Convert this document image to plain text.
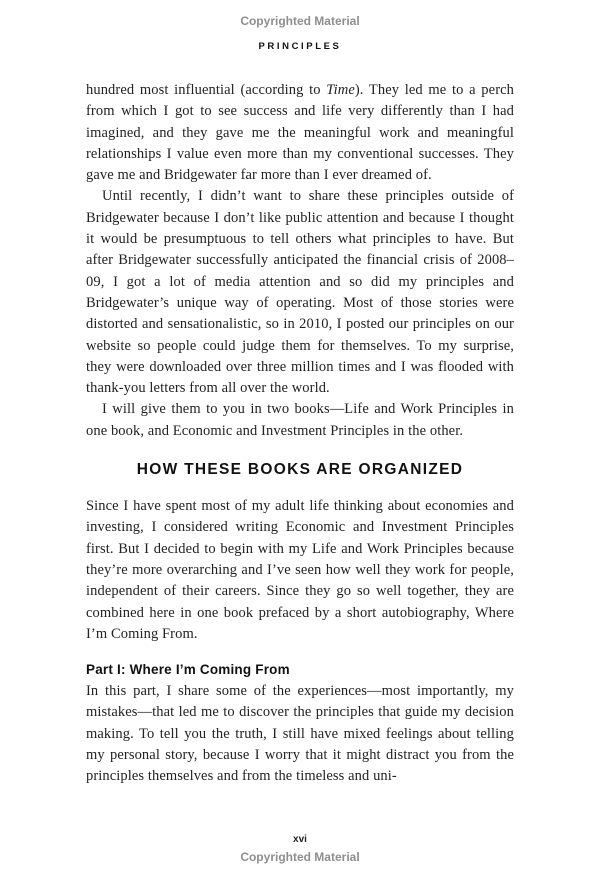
Copyrighted Material
PRINCIPLES

hundred most influential (according to Time). They led me to a perch from which I got to see success and life very differently than I had imagined, and they gave me the meaningful work and meaningful relationships I value even more than my conventional successes. They gave me and Bridgewater far more than I ever dreamed of.

Until recently, I didn’t want to share these principles outside of Bridgewater because I don’t like public attention and because I thought it would be presumptuous to tell others what principles to have. But after Bridgewater successfully anticipated the financial crisis of 2008–09, I got a lot of media attention and so did my principles and Bridgewater’s unique way of operating. Most of those stories were distorted and sensationalistic, so in 2010, I posted our principles on our website so people could judge them for themselves. To my surprise, they were downloaded over three million times and I was flooded with thank-you letters from all over the world.

I will give them to you in two books—Life and Work Principles in one book, and Economic and Investment Principles in the other.

HOW THESE BOOKS ARE ORGANIZED

Since I have spent most of my adult life thinking about economies and investing, I considered writing Economic and Investment Principles first. But I decided to begin with my Life and Work Principles because they’re more overarching and I’ve seen how well they work for people, independent of their careers. Since they go so well together, they are combined here in one book prefaced by a short autobiography, Where I’m Coming From.

Part I: Where I’m Coming From

In this part, I share some of the experiences—most importantly, my mistakes—that led me to discover the principles that guide my decision making. To tell you the truth, I still have mixed feelings about telling my personal story, because I worry that it might distract you from the principles themselves and from the timeless and uni-

xvi
Copyrighted Material
